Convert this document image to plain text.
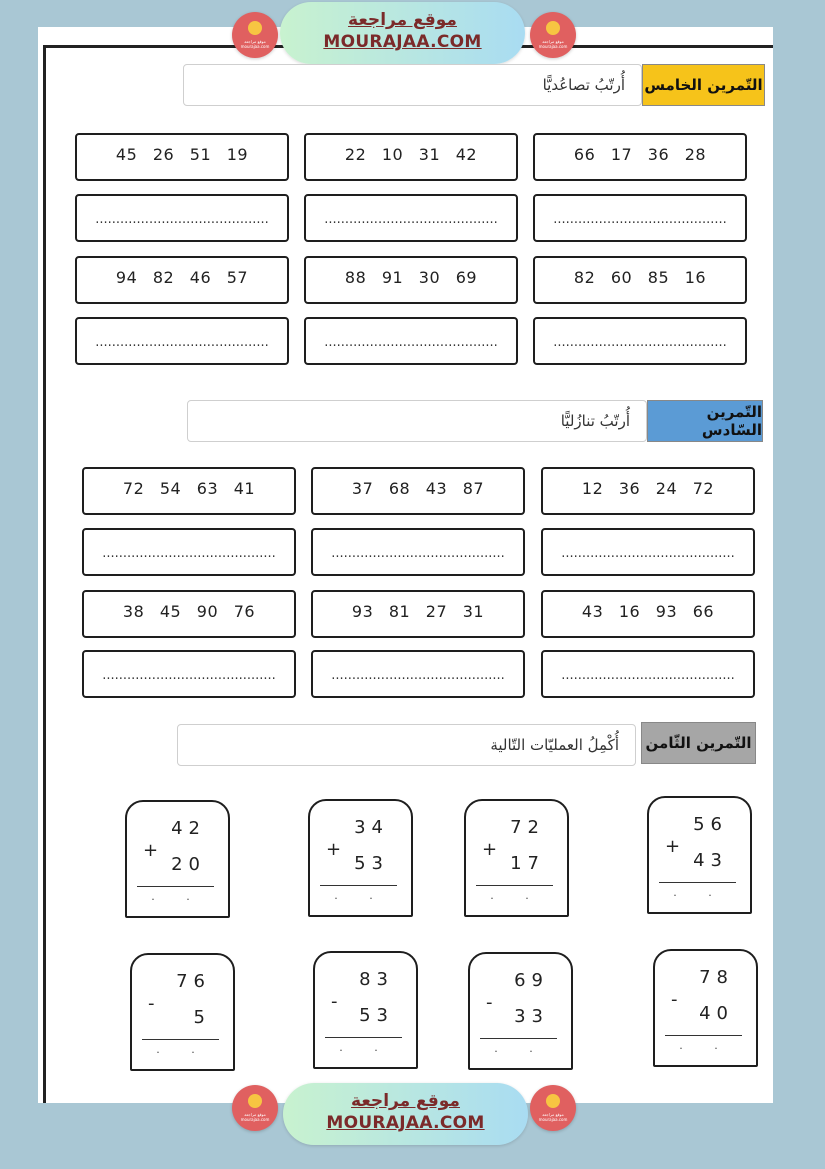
موقع مراجعة mourajaa.com
موقع مراجعة
MOURAJAA.COM	موقع مراجعة mourajaa.com
التّمرين الخامس
أُرتّبُ تصاعُديًّا
66 17 36 28
22 10 31 42
45 26 51 19
..........................................
..........................................
..........................................
82 60 85 16
88 91 30 69
94 82 46 57
..........................................
..........................................
..........................................
التّمرين السّادس
أُرتّبُ تنازُليًّا
12 36 24 72
37 68 43 87
72 54 63 41
..........................................
..........................................
..........................................
43 16 93 66
93 81 27 31
38 45 90 76
..........................................
..........................................
..........................................
التّمرين الثّامن
أُكْمِلُ العمليّات التّالية
56
+
43
. .
72
+
17
. .
34
+
53
. .
42
+
20
. .
78
-
40
. .
69
-
33
. .
83
-
53
. .
76
-
5
. .
موقع مراجعة mourajaa.com
موقع مراجعة
MOURAJAA.COM	موقع مراجعة mourajaa.com
